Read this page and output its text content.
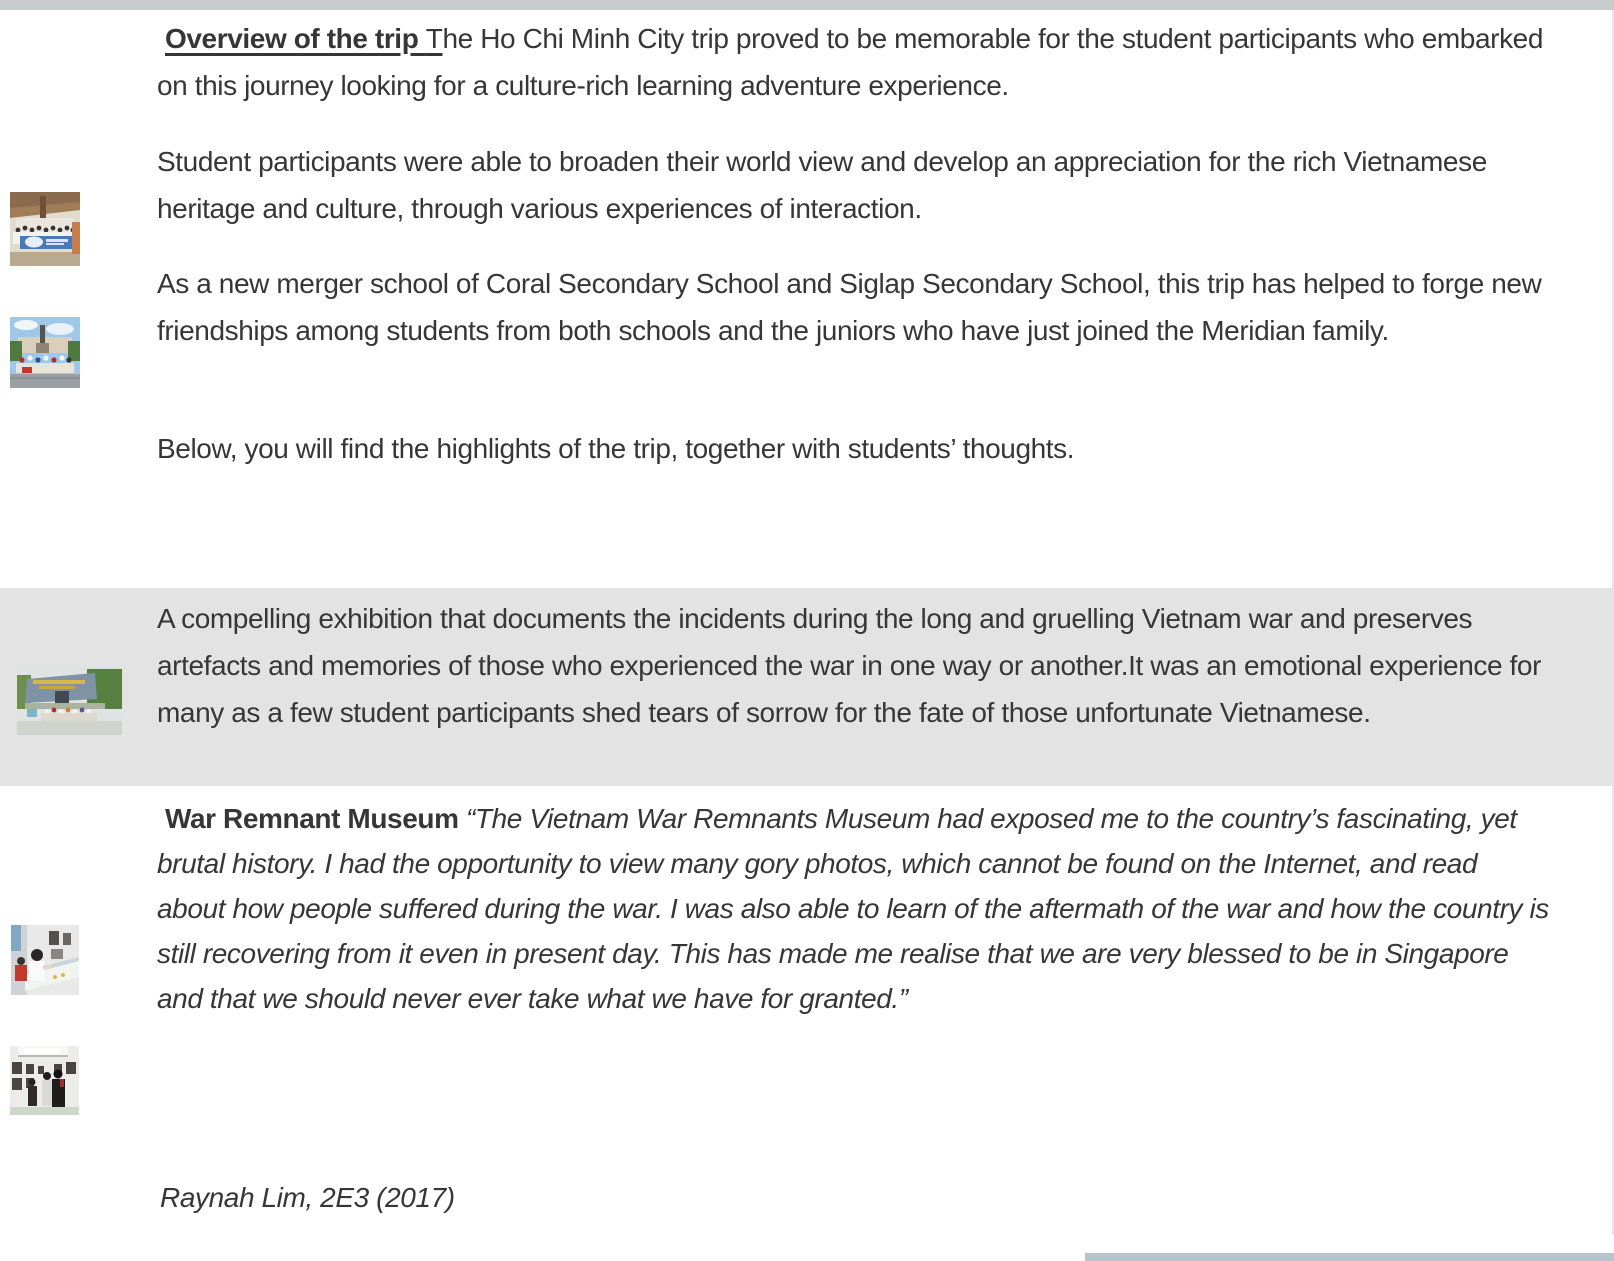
Overview of the trip The Ho Chi Minh City trip proved to be memorable for the student participants who embarked on this journey looking for a culture-rich learning adventure experience.

Student participants were able to broaden their world view and develop an appreciation for the rich Vietnamese heritage and culture, through various experiences of interaction.

As a new merger school of Coral Secondary School and Siglap Secondary School, this trip has helped to forge new friendships among students from both schools and the juniors who have just joined the Meridian family.

Below, you will find the highlights of the trip, together with students’ thoughts.

A compelling exhibition that documents the incidents during the long and gruelling Vietnam war and preserves artefacts and memories of those who experienced the war in one way or another.It was an emotional experience for many as a few student participants shed tears of sorrow for the fate of those unfortunate Vietnamese.

War Remnant Museum “The Vietnam War Remnants Museum had exposed me to the country’s fascinating, yet brutal history. I had the opportunity to view many gory photos, which cannot be found on the Internet, and read about how people suffered during the war. I was also able to learn of the aftermath of the war and how the country is still recovering from it even in present day. This has made me realise that we are very blessed to be in Singapore and that we should never ever take what we have for granted.”

Raynah Lim, 2E3 (2017)
